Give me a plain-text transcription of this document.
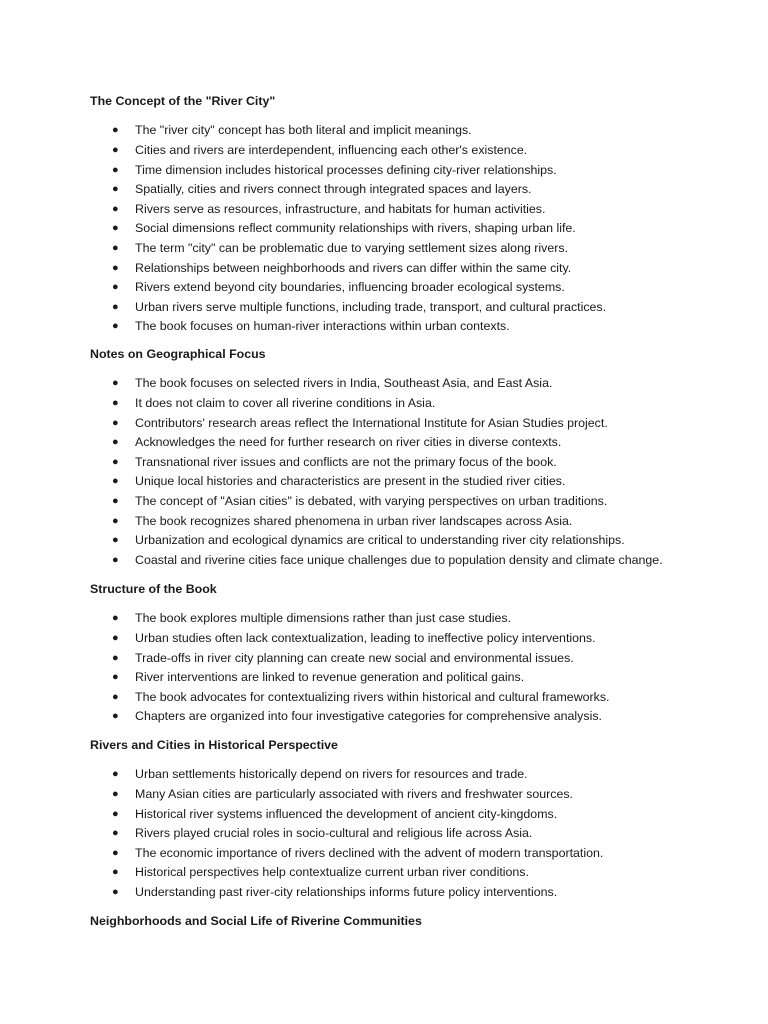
The Concept of the "River City"
● The "river city" concept has both literal and implicit meanings.
● Cities and rivers are interdependent, influencing each other's existence.
● Time dimension includes historical processes defining city-river relationships.
● Spatially, cities and rivers connect through integrated spaces and layers.
● Rivers serve as resources, infrastructure, and habitats for human activities.
● Social dimensions reflect community relationships with rivers, shaping urban life.
● The term "city" can be problematic due to varying settlement sizes along rivers.
● Relationships between neighborhoods and rivers can differ within the same city.
● Rivers extend beyond city boundaries, influencing broader ecological systems.
● Urban rivers serve multiple functions, including trade, transport, and cultural practices.
● The book focuses on human-river interactions within urban contexts.
Notes on Geographical Focus
● The book focuses on selected rivers in India, Southeast Asia, and East Asia.
● It does not claim to cover all riverine conditions in Asia.
● Contributors' research areas reflect the International Institute for Asian Studies project.
● Acknowledges the need for further research on river cities in diverse contexts.
● Transnational river issues and conflicts are not the primary focus of the book.
● Unique local histories and characteristics are present in the studied river cities.
● The concept of "Asian cities" is debated, with varying perspectives on urban traditions.
● The book recognizes shared phenomena in urban river landscapes across Asia.
● Urbanization and ecological dynamics are critical to understanding river city relationships.
● Coastal and riverine cities face unique challenges due to population density and climate change.
Structure of the Book
● The book explores multiple dimensions rather than just case studies.
● Urban studies often lack contextualization, leading to ineffective policy interventions.
● Trade-offs in river city planning can create new social and environmental issues.
● River interventions are linked to revenue generation and political gains.
● The book advocates for contextualizing rivers within historical and cultural frameworks.
● Chapters are organized into four investigative categories for comprehensive analysis.
Rivers and Cities in Historical Perspective
● Urban settlements historically depend on rivers for resources and trade.
● Many Asian cities are particularly associated with rivers and freshwater sources.
● Historical river systems influenced the development of ancient city-kingdoms.
● Rivers played crucial roles in socio-cultural and religious life across Asia.
● The economic importance of rivers declined with the advent of modern transportation.
● Historical perspectives help contextualize current urban river conditions.
● Understanding past river-city relationships informs future policy interventions.
Neighborhoods and Social Life of Riverine Communities
